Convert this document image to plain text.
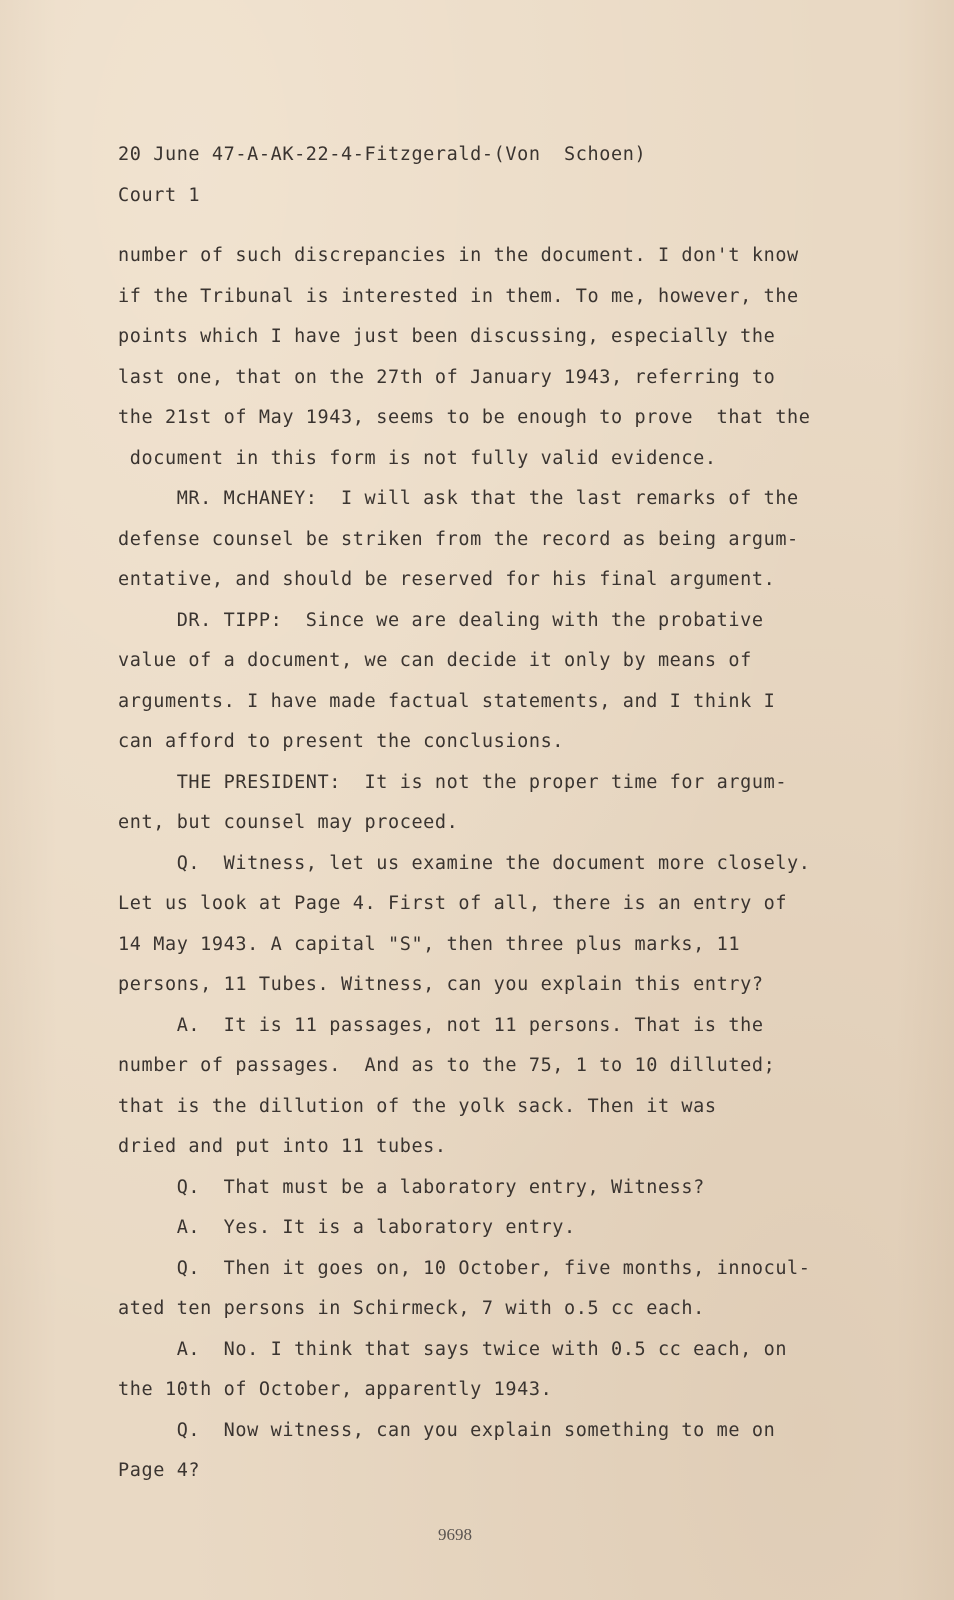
20 June 47-A-AK-22-4-Fitzgerald-(Von  Schoen)
Court 1
number of such discrepancies in the document. I don't know
if the Tribunal is interested in them. To me, however, the
points which I have just been discussing, especially the
last one, that on the 27th of January 1943, referring to
the 21st of May 1943, seems to be enough to prove  that the
document in this form is not fully valid evidence.
MR. McHANEY:  I will ask that the last remarks of the
defense counsel be striken from the record as being argum-
entative, and should be reserved for his final argument.
DR. TIPP:  Since we are dealing with the probative
value of a document, we can decide it only by means of
arguments. I have made factual statements, and I think I
can afford to present the conclusions.
THE PRESIDENT:  It is not the proper time for argum-
ent, but counsel may proceed.
Q.  Witness, let us examine the document more closely.
Let us look at Page 4. First of all, there is an entry of
14 May 1943. A capital "S", then three plus marks, 11
persons, 11 Tubes. Witness, can you explain this entry?
A.  It is 11 passages, not 11 persons. That is the
number of passages.  And as to the 75, 1 to 10 dilluted;
that is the dillution of the yolk sack. Then it was
dried and put into 11 tubes.
Q.  That must be a laboratory entry, Witness?
A.  Yes. It is a laboratory entry.
Q.  Then it goes on, 10 October, five months, innocul-
ated ten persons in Schirmeck, 7 with o.5 cc each.
A.  No. I think that says twice with 0.5 cc each, on
the 10th of October, apparently 1943.
Q.  Now witness, can you explain something to me on
Page 4?
9698
